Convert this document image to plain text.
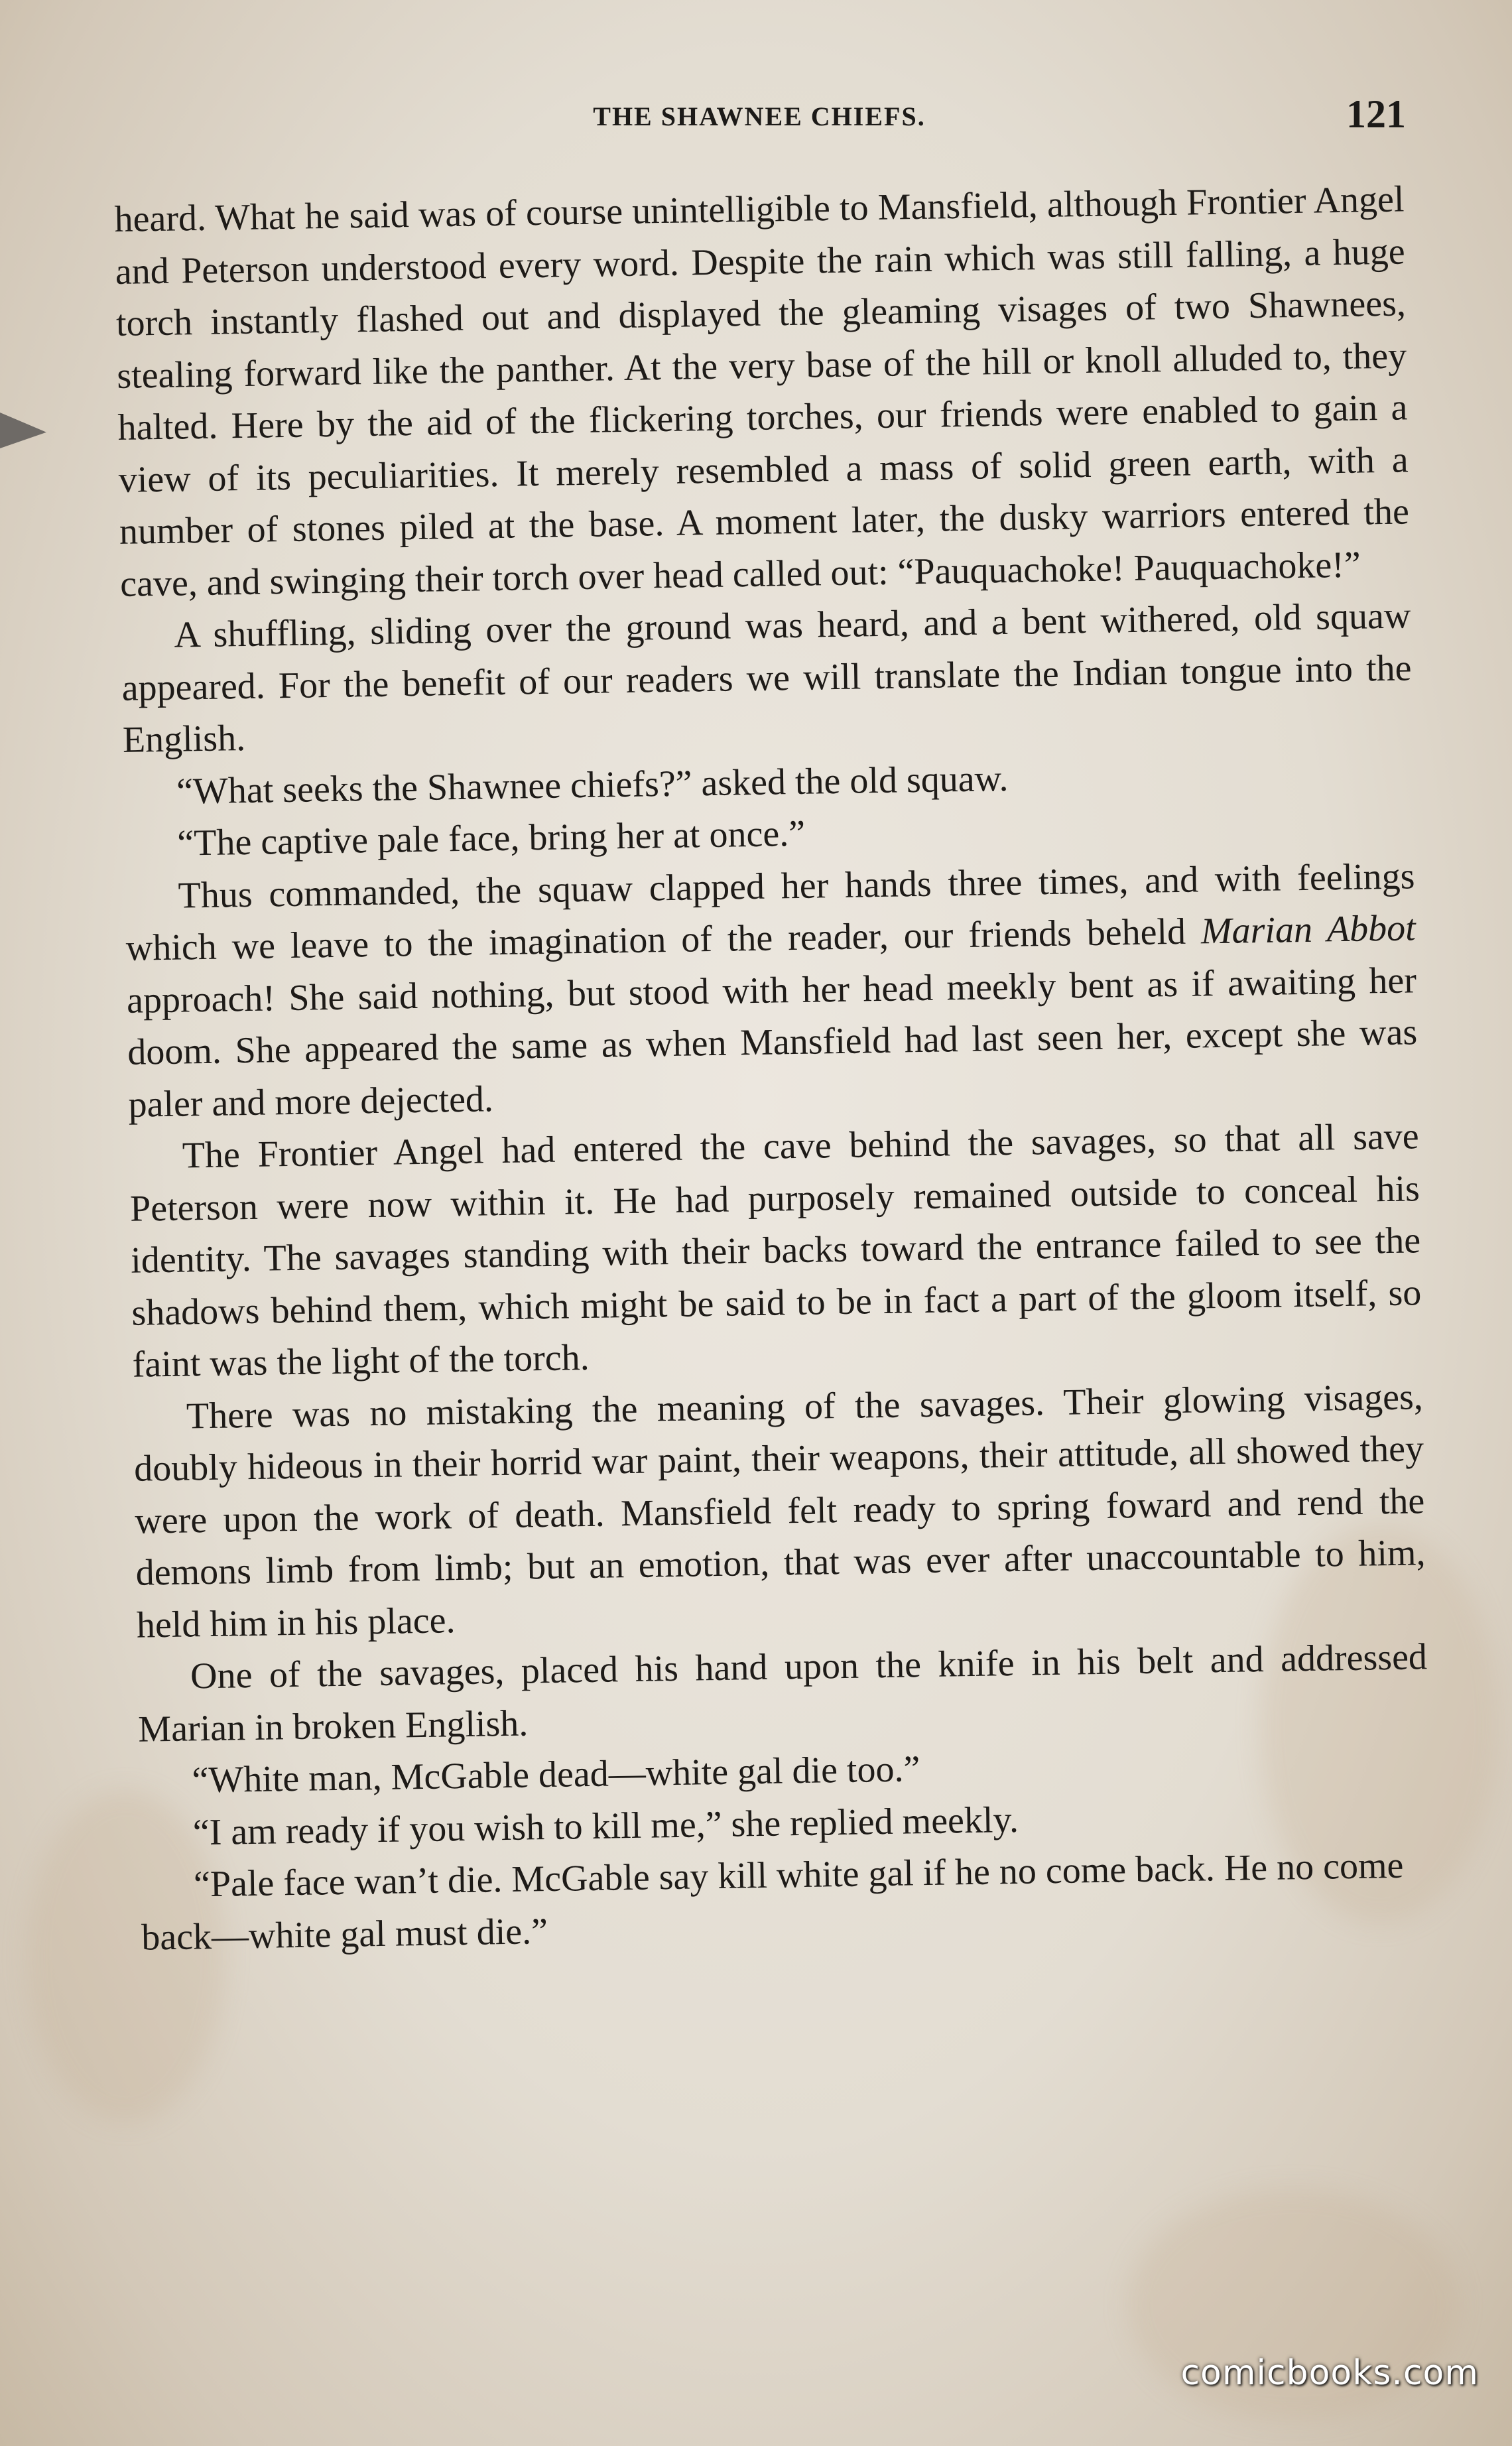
THE SHAWNEE CHIEFS.	121

heard. What he said was of course unintelligible to Mansfield, although Frontier Angel and Peterson understood every word. Despite the rain which was still falling, a huge torch instantly flashed out and displayed the gleaming visages of two Shawnees, stealing forward like the panther. At the very base of the hill or knoll alluded to, they halted. Here by the aid of the flickering torches, our friends were enabled to gain a view of its peculiarities. It merely resembled a mass of solid green earth, with a number of stones piled at the base. A moment later, the dusky warriors entered the cave, and swinging their torch over head called out: “Pauquachoke! Pauquachoke!”

A shuffling, sliding over the ground was heard, and a bent withered, old squaw appeared. For the benefit of our readers we will translate the Indian tongue into the English.

“What seeks the Shawnee chiefs?” asked the old squaw.

“The captive pale face, bring her at once.”

Thus commanded, the squaw clapped her hands three times, and with feelings which we leave to the imagination of the reader, our friends beheld Marian Abbot approach! She said nothing, but stood with her head meekly bent as if awaiting her doom. She appeared the same as when Mansfield had last seen her, except she was paler and more dejected.

The Frontier Angel had entered the cave behind the savages, so that all save Peterson were now within it. He had purposely remained outside to conceal his identity. The savages standing with their backs toward the entrance failed to see the shadows behind them, which might be said to be in fact a part of the gloom itself, so faint was the light of the torch.

There was no mistaking the meaning of the savages. Their glowing visages, doubly hideous in their horrid war paint, their weapons, their attitude, all showed they were upon the work of death. Mansfield felt ready to spring foward and rend the demons limb from limb; but an emotion, that was ever after unaccountable to him, held him in his place.

One of the savages, placed his hand upon the knife in his belt and addressed Marian in broken English.

“White man, McGable dead—white gal die too.”

“I am ready if you wish to kill me,” she replied meekly.

“Pale face wan’t die. McGable say kill white gal if he no come back. He no come back—white gal must die.”

comicbooks.com
